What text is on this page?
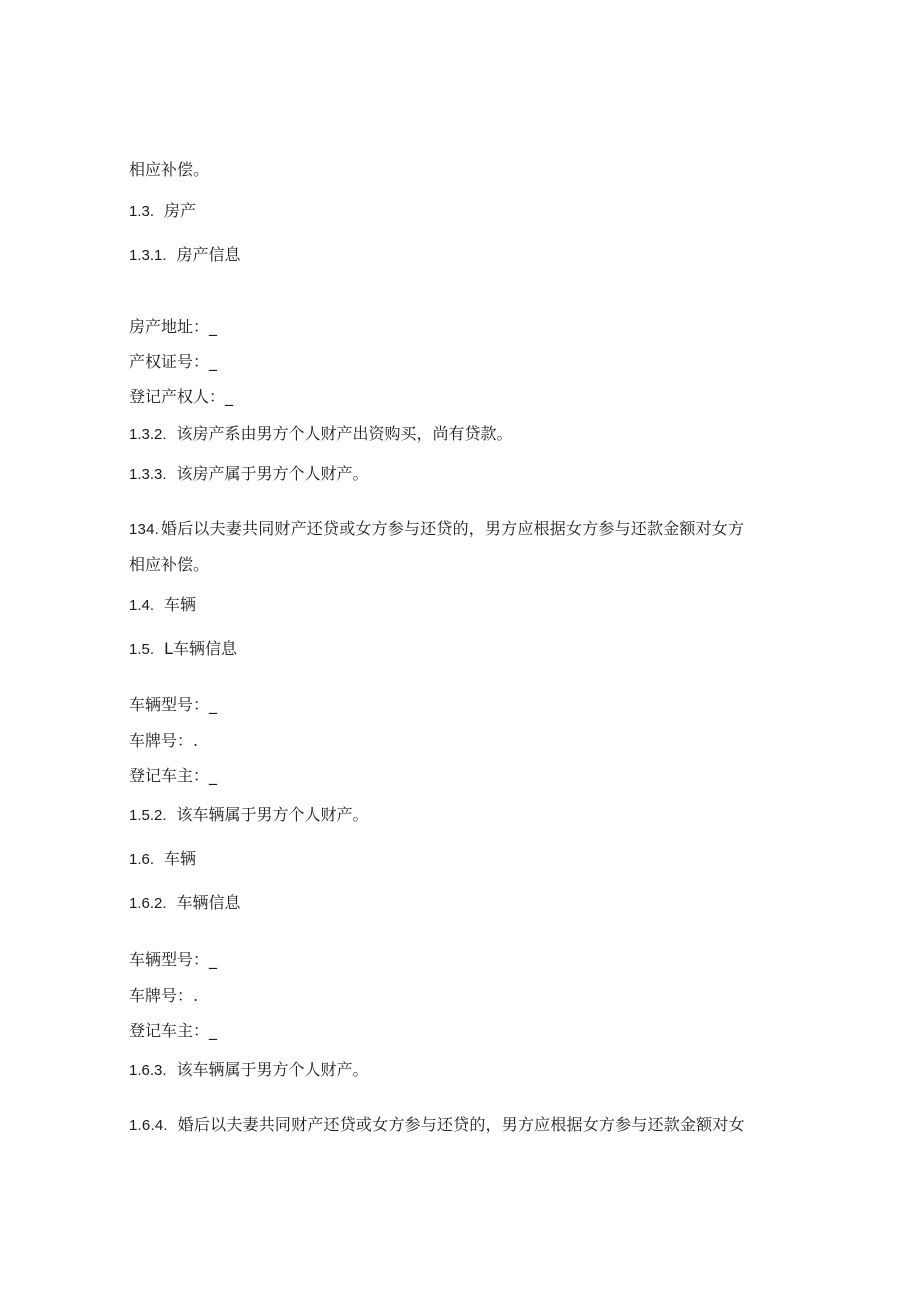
相应补偿。
1.3. 房产
1.3.1. 房产信息
房产地址：_
产权证号：_
登记产权人：_
1.3.2. 该房产系由男方个人财产出资购买，尚有贷款。
1.3.3. 该房产属于男方个人财产。
134. 婚后以夫妻共同财产还贷或女方参与还贷的，男方应根据女方参与还款金额对女方
相应补偿。
1.4. 车辆
1.5. L车辆信息
车辆型号：_
车牌号：.
登记车主：_
1.5.2. 该车辆属于男方个人财产。
1.6. 车辆
1.6.2. 车辆信息
车辆型号：_
车牌号：.
登记车主：_
1.6.3. 该车辆属于男方个人财产。
1.6.4. 婚后以夫妻共同财产还贷或女方参与还贷的，男方应根据女方参与还款金额对女
